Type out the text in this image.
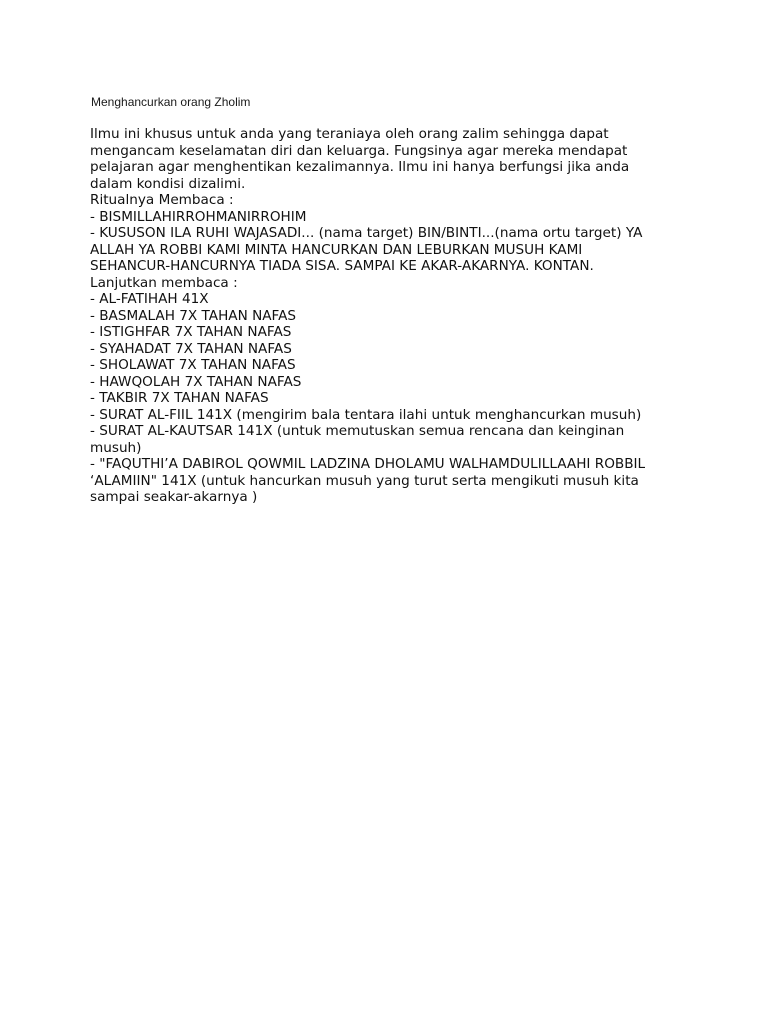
Menghancurkan orang Zholim
Ilmu ini khusus untuk anda yang teraniaya oleh orang zalim sehingga dapat
mengancam keselamatan diri dan keluarga. Fungsinya agar mereka mendapat
pelajaran agar menghentikan kezalimannya. Ilmu ini hanya berfungsi jika anda
dalam kondisi dizalimi.
Ritualnya Membaca :
- BISMILLAHIRROHMANIRROHIM
- KUSUSON ILA RUHI WAJASADI... (nama target) BIN/BINTI...(nama ortu target) YA
ALLAH YA ROBBI KAMI MINTA HANCURKAN DAN LEBURKAN MUSUH KAMI
SEHANCUR-HANCURNYA TIADA SISA. SAMPAI KE AKAR-AKARNYA. KONTAN.
Lanjutkan membaca :
- AL-FATIHAH 41X
- BASMALAH 7X TAHAN NAFAS
- ISTIGHFAR 7X TAHAN NAFAS
- SYAHADAT 7X TAHAN NAFAS
- SHOLAWAT 7X TAHAN NAFAS
- HAWQOLAH 7X TAHAN NAFAS
- TAKBIR 7X TAHAN NAFAS
- SURAT AL-FIIL 141X (mengirim bala tentara ilahi untuk menghancurkan musuh)
- SURAT AL-KAUTSAR 141X (untuk memutuskan semua rencana dan keinginan
musuh)
- "FAQUTHI’A DABIROL QOWMIL LADZINA DHOLAMU WALHAMDULILLAAHI ROBBIL
‘ALAMIIN" 141X (untuk hancurkan musuh yang turut serta mengikuti musuh kita
sampai seakar-akarnya )
